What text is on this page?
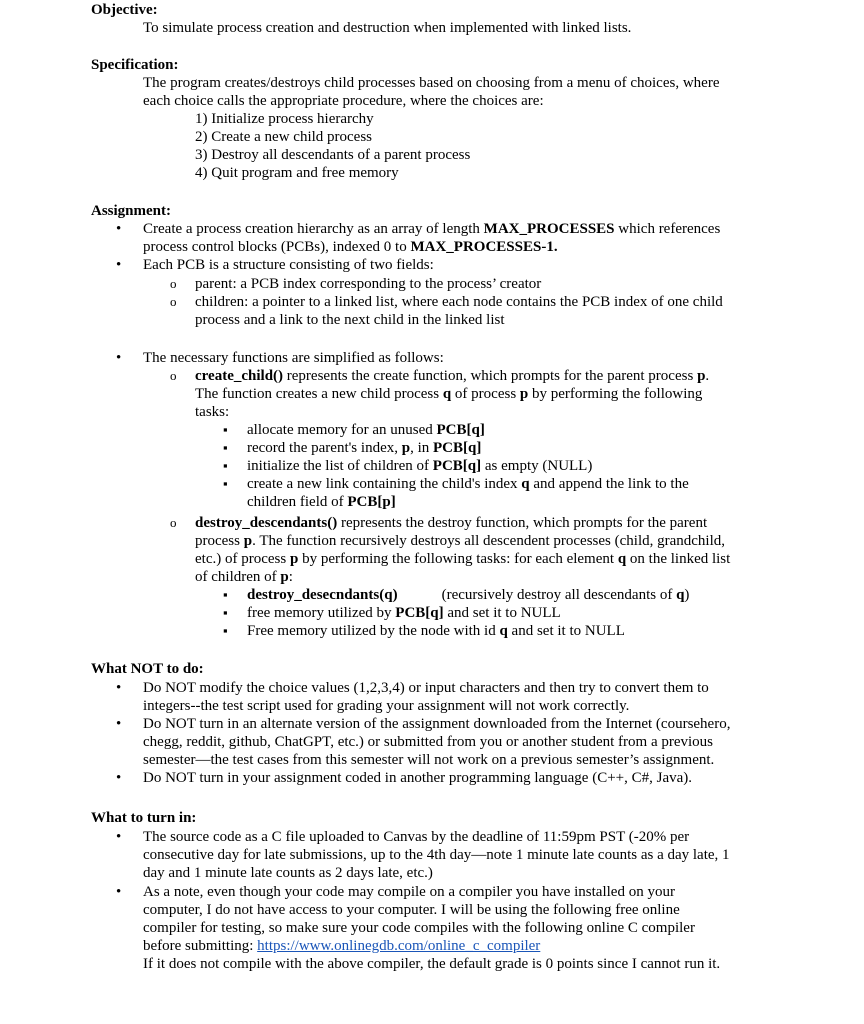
Objective:

To simulate process creation and destruction when implemented with linked lists.

Specification:

The program creates/destroys child processes based on choosing from a menu of choices, where

each choice calls the appropriate procedure, where the choices are:

1) Initialize process hierarchy

2) Create a new child process

3) Destroy all descendants of a parent process

4) Quit program and free memory

Assignment:

• Create a process creation hierarchy as an array of length MAX_PROCESSES which references

process control blocks (PCBs), indexed 0 to MAX_PROCESSES-1.

• Each PCB is a structure consisting of two fields:

o parent: a PCB index corresponding to the process’ creator

o children: a pointer to a linked list, where each node contains the PCB index of one child

process and a link to the next child in the linked list

• The necessary functions are simplified as follows:

o create_child() represents the create function, which prompts for the parent process p.

The function creates a new child process q of process p by performing the following

tasks:

▪ allocate memory for an unused PCB[q]

▪ record the parent's index, p, in PCB[q]

▪ initialize the list of children of PCB[q] as empty (NULL)

▪ create a new link containing the child's index q and append the link to the

children field of PCB[p]

o destroy_descendants() represents the destroy function, which prompts for the parent

process p. The function recursively destroys all descendent processes (child, grandchild,

etc.) of process p by performing the following tasks: for each element q on the linked list

of children of p:

▪ destroy_desecndants(q)	(recursively destroy all descendants of q)

▪ free memory utilized by PCB[q] and set it to NULL

▪ Free memory utilized by the node with id q and set it to NULL

What NOT to do:

• Do NOT modify the choice values (1,2,3,4) or input characters and then try to convert them to

integers--the test script used for grading your assignment will not work correctly.

• Do NOT turn in an alternate version of the assignment downloaded from the Internet (coursehero,

chegg, reddit, github, ChatGPT, etc.) or submitted from you or another student from a previous

semester—the test cases from this semester will not work on a previous semester’s assignment.

• Do NOT turn in your assignment coded in another programming language (C++, C#, Java).

What to turn in:

• The source code as a C file uploaded to Canvas by the deadline of 11:59pm PST (-20% per

consecutive day for late submissions, up to the 4th day—note 1 minute late counts as a day late, 1

day and 1 minute late counts as 2 days late, etc.)

• As a note, even though your code may compile on a compiler you have installed on your

computer, I do not have access to your computer. I will be using the following free online

compiler for testing, so make sure your code compiles with the following online C compiler

before submitting: https://www.onlinegdb.com/online_c_compiler

If it does not compile with the above compiler, the default grade is 0 points since I cannot run it.
